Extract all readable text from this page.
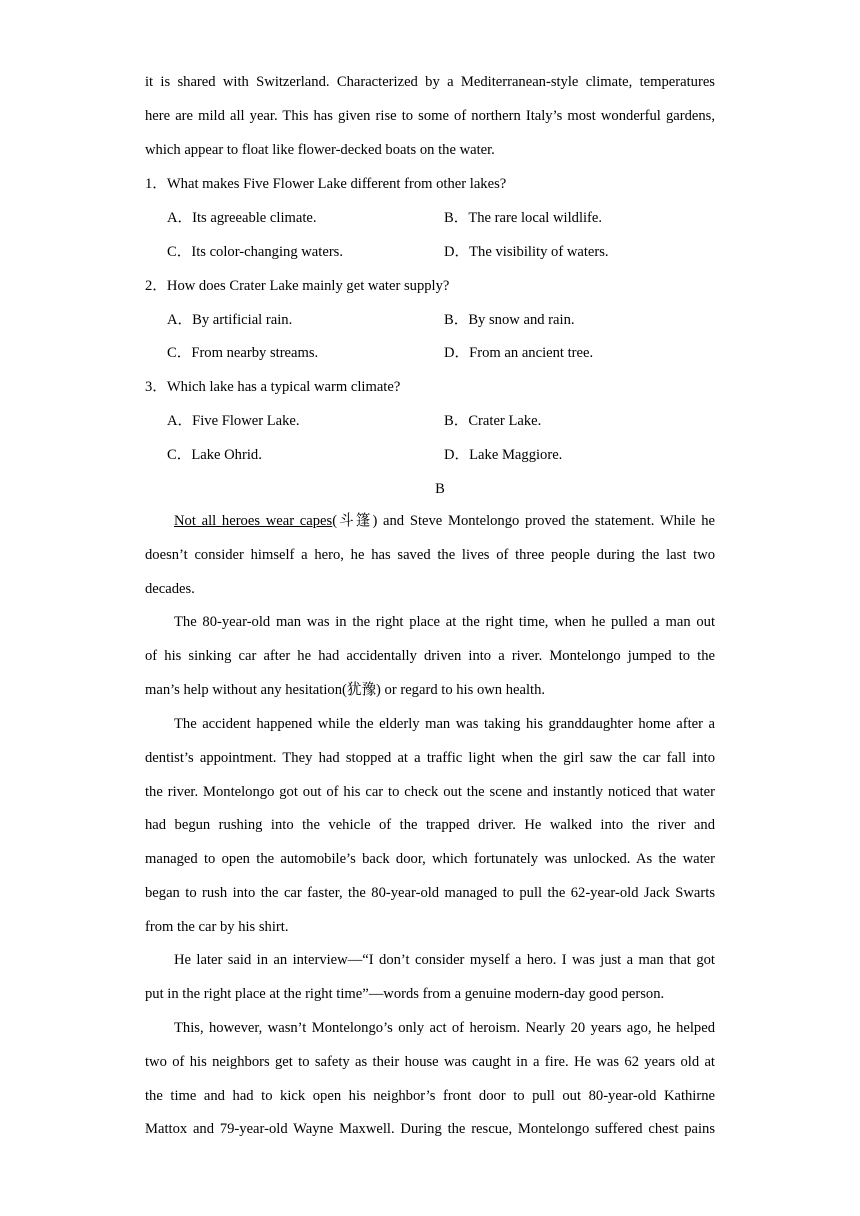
it is shared with Switzerland. Characterized by a Mediterranean-style climate, temperatures
here are mild all year. This has given rise to some of northern Italy’s most wonderful gardens,
which appear to float like flower-decked boats on the water.
1．What makes Five Flower Lake different from other lakes?
A．Its agreeable climate.	B．The rare local wildlife.
C．Its color-changing waters.	D．The visibility of waters.
2．How does Crater Lake mainly get water supply?
A．By artificial rain.	B．By snow and rain.
C．From nearby streams.	D．From an ancient tree.
3．Which lake has a typical warm climate?
A．Five Flower Lake.	B．Crater Lake.
C．Lake Ohrid.	D．Lake Maggiore.
B
Not all heroes wear capes(斗篷) and Steve Montelongo proved the statement. While he
doesn’t consider himself a hero, he has saved the lives of three people during the last two
decades.
The 80-year-old man was in the right place at the right time, when he pulled a man out
of his sinking car after he had accidentally driven into a river. Montelongo jumped to the
man’s help without any hesitation(犹豫) or regard to his own health.
The accident happened while the elderly man was taking his granddaughter home after a
dentist’s appointment. They had stopped at a traffic light when the girl saw the car fall into
the river. Montelongo got out of his car to check out the scene and instantly noticed that water
had begun rushing into the vehicle of the trapped driver. He walked into the river and
managed to open the automobile’s back door, which fortunately was unlocked. As the water
began to rush into the car faster, the 80-year-old managed to pull the 62-year-old Jack Swarts
from the car by his shirt.
He later said in an interview—“I don’t consider myself a hero. I was just a man that got
put in the right place at the right time”—words from a genuine modern-day good person.
This, however, wasn’t Montelongo’s only act of heroism. Nearly 20 years ago, he helped
two of his neighbors get to safety as their house was caught in a fire. He was 62 years old at
the time and had to kick open his neighbor’s front door to pull out 80-year-old Kathirne
Mattox and 79-year-old Wayne Maxwell. During the rescue, Montelongo suffered chest pains
